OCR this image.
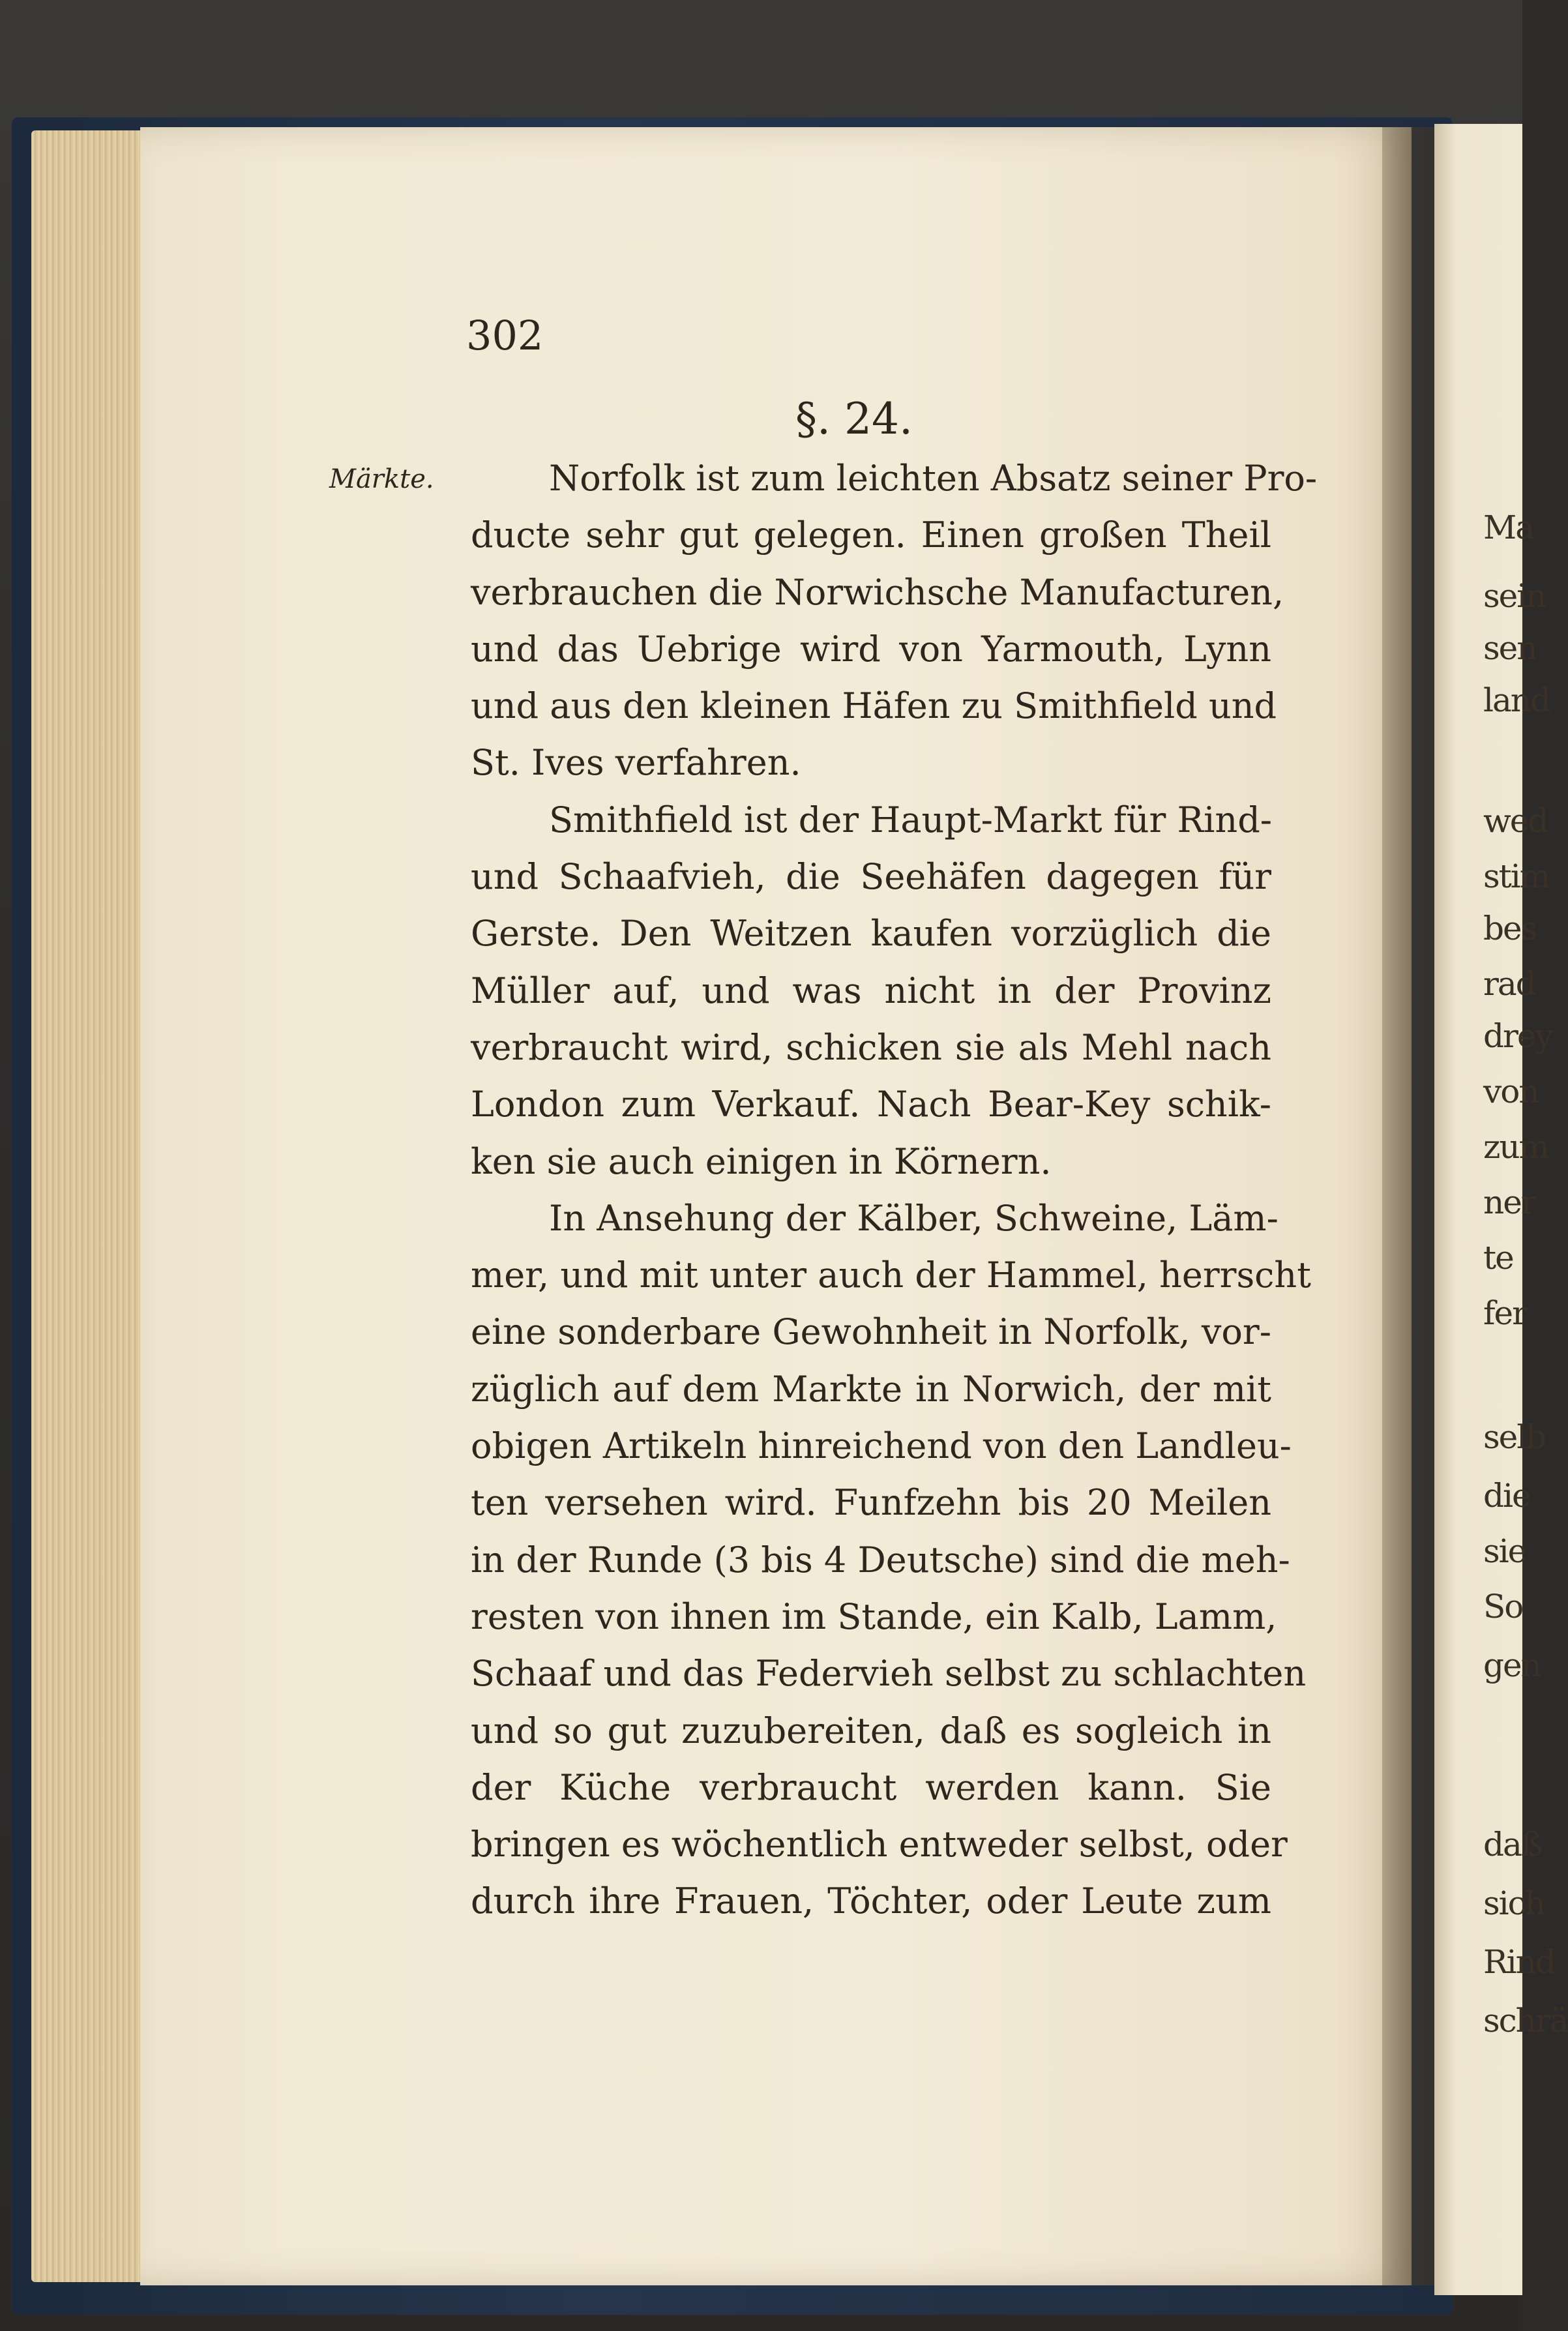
302
§. 24.
Märkte.	Norfolk ist zum leichten Absatz seiner Pro-
ducte sehr gut gelegen. Einen großen Theil
verbrauchen die Norwichsche Manufacturen,
und das Uebrige wird von Yarmouth, Lynn
und aus den kleinen Häfen zu Smithfield und
St. Ives verfahren.
Smithfield ist der Haupt-Markt für Rind-
und Schaafvieh, die Seehäfen dagegen für
Gerste. Den Weitzen kaufen vorzüglich die
Müller auf, und was nicht in der Provinz
verbraucht wird, schicken sie als Mehl nach
London zum Verkauf. Nach Bear-Key schik-
ken sie auch einigen in Körnern.
In Ansehung der Kälber, Schweine, Läm-
mer, und mit unter auch der Hammel, herrscht
eine sonderbare Gewohnheit in Norfolk, vor-
züglich auf dem Markte in Norwich, der mit
obigen Artikeln hinreichend von den Landleu-
ten versehen wird. Funfzehn bis 20 Meilen
in der Runde (3 bis 4 Deutsche) sind die meh-
resten von ihnen im Stande, ein Kalb, Lamm,
Schaaf und das Federvieh selbst zu schlachten
und so gut zuzubereiten, daß es sogleich in
der Küche verbraucht werden kann. Sie
bringen es wöchentlich entweder selbst, oder
durch ihre Frauen, Töchter, oder Leute zum
Ma
sein
sen
land
wed
stim
bes
rad
drey
von
zum
ner
te
fer
selb
die
sie
So
gen
daß
sich
Rind
schrä
